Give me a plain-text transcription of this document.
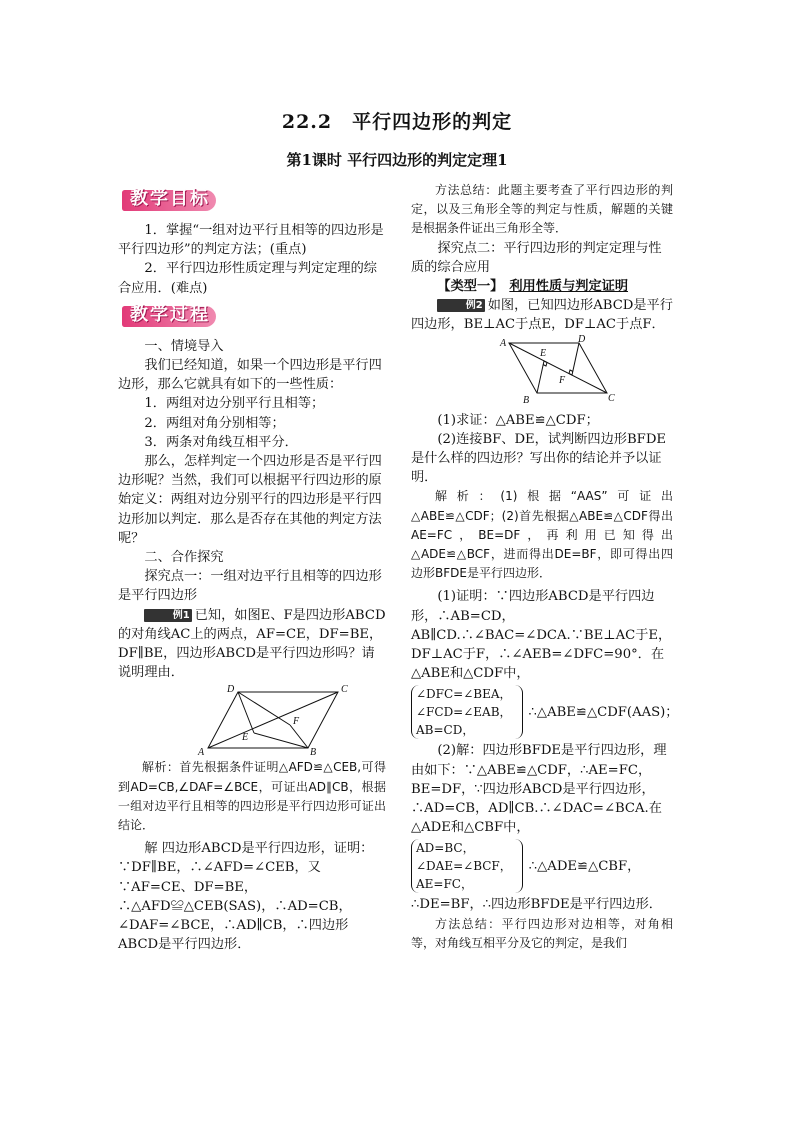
22.2　平行四边形的判定
第1课时 平行四边形的判定定理1
教学目标

1．掌握“一组对边平行且相等的四边形是平行四边形”的判定方法；(重点)

2．平行四边形性质定理与判定定理的综合应用．(难点)

教学过程

一、情境导入

我们已经知道，如果一个四边形是平行四边形，那么它就具有如下的一些性质：

1．两组对边分别平行且相等；

2．两组对角分别相等；

3．两条对角线互相平分．

那么，怎样判定一个四边形是否是平行四边形呢？当然，我们可以根据平行四边形的原始定义：两组对边分别平行的四边形是平行四边形加以判定．那么是否存在其他的判定方法呢？

二、合作探究

探究点一：一组对边平行且相等的四边形是平行四边形

例1 已知，如图E、F是四边形ABCD的对角线AC上的两点，AF=CE，DF=BE，DF∥BE，四边形ABCD是平行四边形吗？请说明理由．

D	C
F
E
A	B

解析：首先根据条件证明△AFD≌△CEB,可得到AD=CB,∠DAF=∠BCE，可证出AD∥CB，根据一组对边平行且相等的四边形是平行四边形可证出结论．

解 四边形ABCD是平行四边形，证明：∵DF∥BE，∴∠AFD=∠CEB，又∵AF=CE、DF=BE，∴△AFD≌△CEB(SAS)，∴AD=CB，∠DAF=∠BCE，∴AD∥CB，∴四边形ABCD是平行四边形．

方法总结：此题主要考查了平行四边形的判定，以及三角形全等的判定与性质，解题的关键是根据条件证出三角形全等．

探究点二：平行四边形的判定定理与性质的综合应用

【类型一】 利用性质与判定证明

例2 如图，已知四边形ABCD是平行四边形，BE⊥AC于点E，DF⊥AC于点F．

A	D
E
F
B	C

(1)求证：△ABE≌△CDF；

(2)连接BF、DE，试判断四边形BFDE是什么样的四边形？写出你的结论并予以证明．

解析：(1)根据“AAS”可证出△ABE≌△CDF；(2)首先根据△ABE≌△CDF得出AE=FC，BE=DF，再利用已知得出△ADE≌△BCF，进而得出DE=BF，即可得出四边形BFDE是平行四边形．

(1)证明：∵四边形ABCD是平行四边形，∴AB=CD，AB∥CD.∴∠BAC=∠DCA.∵BE⊥AC于E，DF⊥AC于F，∴∠AEB=∠DFC=90°．在△ABE和△CDF中，

∠DFC=∠BEA，
∠FCD=∠EAB，
AB=CD，
∴△ABE≌△CDF(AAS)；

(2)解：四边形BFDE是平行四边形，理由如下：∵△ABE≌△CDF，∴AE=FC，BE=DF，∵四边形ABCD是平行四边形，∴AD=CB，AD∥CB.∴∠DAC=∠BCA.在△ADE和△CBF中，

AD=BC，
∠DAE=∠BCF，
AE=FC，
∴△ADE≌△CBF，

∴DE=BF，∴四边形BFDE是平行四边形．

方法总结：平行四边形对边相等，对角相等，对角线互相平分及它的判定，是我们
